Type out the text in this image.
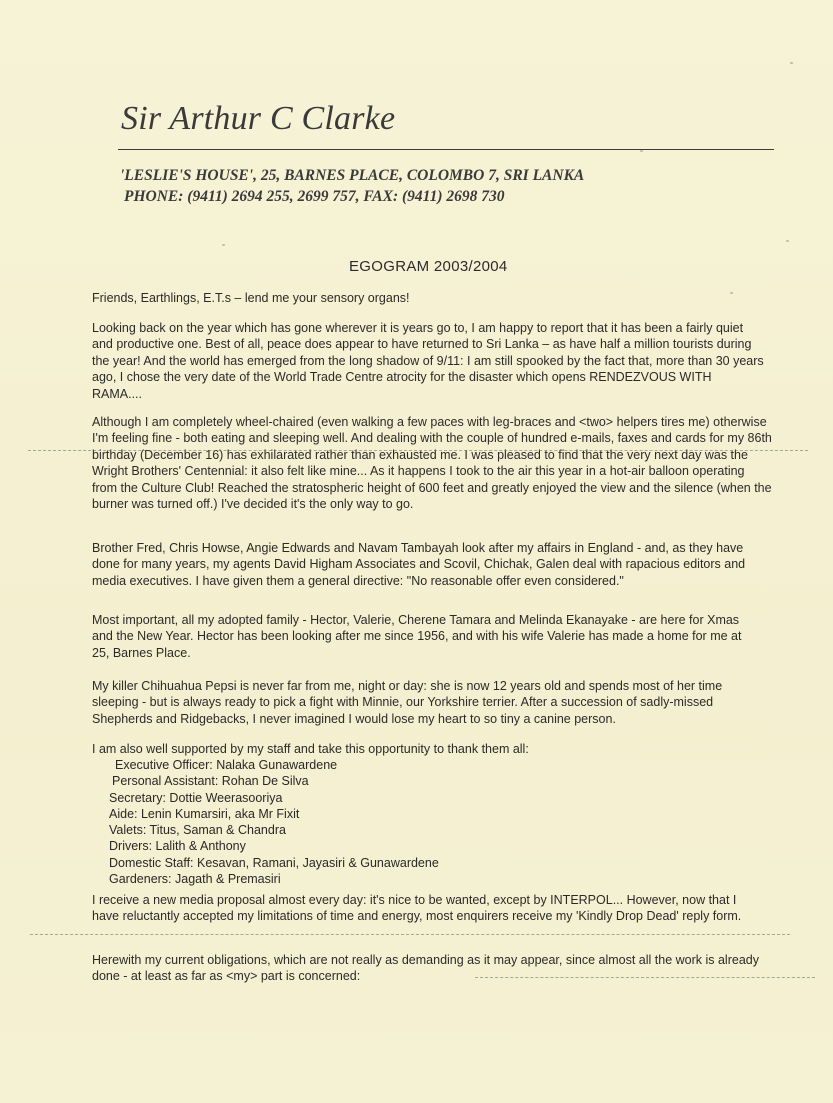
Sir Arthur C Clarke
'LESLIE'S HOUSE', 25, BARNES PLACE, COLOMBO 7, SRI LANKA
PHONE: (9411) 2694 255, 2699 757, FAX: (9411) 2698 730
EGOGRAM 2003/2004

Friends, Earthlings, E.T.s – lend me your sensory organs!

Looking back on the year which has gone wherever it is years go to, I am happy to report that it has been a fairly quiet and productive one. Best of all, peace does appear to have returned to Sri Lanka – as have half a million tourists during the year! And the world has emerged from the long shadow of 9/11: I am still spooked by the fact that, more than 30 years ago, I chose the very date of the World Trade Centre atrocity for the disaster which opens RENDEZVOUS WITH RAMA....

Although I am completely wheel-chaired (even walking a few paces with leg-braces and <two> helpers tires me) otherwise I'm feeling fine - both eating and sleeping well. And dealing with the couple of hundred e-mails, faxes and cards for my 86th birthday (December 16) has exhilarated rather than exhausted me. I was pleased to find that the very next day was the Wright Brothers' Centennial: it also felt like mine... As it happens I took to the air this year in a hot-air balloon operating from the Culture Club! Reached the stratospheric height of 600 feet and greatly enjoyed the view and the silence (when the burner was turned off.) I've decided it's the only way to go.

Brother Fred, Chris Howse, Angie Edwards and Navam Tambayah look after my affairs in England - and, as they have done for many years, my agents David Higham Associates and Scovil, Chichak, Galen deal with rapacious editors and media executives. I have given them a general directive: "No reasonable offer even considered."

Most important, all my adopted family - Hector, Valerie, Cherene Tamara and Melinda Ekanayake - are here for Xmas and the New Year. Hector has been looking after me since 1956, and with his wife Valerie has made a home for me at 25, Barnes Place.

My killer Chihuahua Pepsi is never far from me, night or day: she is now 12 years old and spends most of her time sleeping - but is always ready to pick a fight with Minnie, our Yorkshire terrier. After a succession of sadly-missed Shepherds and Ridgebacks, I never imagined I would lose my heart to so tiny a canine person.

I am also well supported by my staff and take this opportunity to thank them all:

Executive Officer: Nalaka Gunawardene
Personal Assistant: Rohan De Silva
Secretary: Dottie Weerasooriya
Aide: Lenin Kumarsiri, aka Mr Fixit
Valets: Titus, Saman & Chandra
Drivers: Lalith & Anthony
Domestic Staff: Kesavan, Ramani, Jayasiri & Gunawardene
Gardeners: Jagath & Premasiri

I receive a new media proposal almost every day: it's nice to be wanted, except by INTERPOL... However, now that I have reluctantly accepted my limitations of time and energy, most enquirers receive my 'Kindly Drop Dead' reply form.

Herewith my current obligations, which are not really as demanding as it may appear, since almost all the work is already done - at least as far as <my> part is concerned:
